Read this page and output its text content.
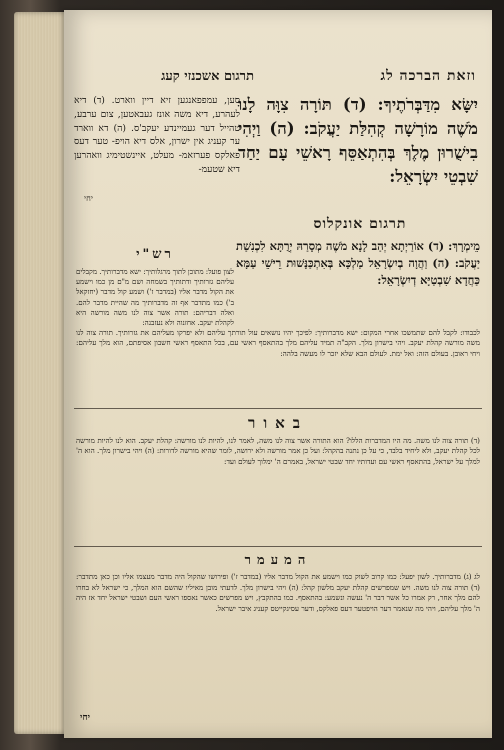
וזאת הברכה לג
תרגום אשכנזי קעג
יִשָּׂא מִדַּבְּרֹתֶיךָ: (ד) תּוֹרָה צִוָּה לָנוּ מֹשֶׁה מוֹרָשָׁה קְהִלַּת יַעֲקֹב: (ה) וַיְהִי בִישֻׁרוּן מֶלֶךְ בְּהִתְאַסֵּף רָאשֵׁי עָם יַחַד שִׁבְטֵי יִשְׂרָאֵל:
יחי
סען, עמפפאנגען זיא דיין ווארט. (ד) דיא לעהרע, דיא משה אונז געבאטען, צום ערבע, טהייל דער געמיינדע יעקב'ס. (ה) דא ווארד ער קעניג אין ישרון, אלס דיא הויפ- טער דעס פאלקס פערזאמ- מעלט, איינשטימיג וואהרען דיא שטעמ-
תרגום אונקלוס
מֵימְרָךְ: (ד) אוֹרַיְתָא יְהַב לָנָא מֹשֶׁה מְסָרַהּ יְרֻתָּא לִכְנִשַׁת יַעֲקֹב: (ה) וַהֲוָה בְיִשְׂרָאֵל מַלְכָּא בְּאִתְכַּנָּשׁוּת רֵישֵׁי עַמָּא כַּחֲדָא שִׁבְטַיָּא דְיִשְׂרָאֵל:
רש"י
לצון פועל: מתוכן לתוך מרגלותיך: ישא מדברותיך. מקבלים עליהם גזרותיך ודתותיך בשמחה ושם מ"ם מן כמו וישמע את הקול מדבר אליו (במדבר ז') ושמע קול מדבר (יחזקאל ב') כמו מתדבר אף זה מדברותיך מה שהיית מדבר להם. ואלה דבריהם: תורה אשר צוה לנו משה מורשה היא לקהלת יעקב. אחזנוה ולא נעזבנה:
לכבודו: לקבל להם שתמשכו אחרי המקום: ישא מדברותיך: לפיכך יהיו נושאים עול תורתך עליהם ולא יפרקו מעליהם את גזרותיך. תורה צוה לנו משה מורשה קהלת יעקב. ויהי בישרון מלך. הקב"ה תמיד עליהם מלך בהתאסף ראשי עם, בכל התאסף ראשי חשבון אסיפתם, הוא מלך עליהם: ויחי ראובן. בעולם הזה: ואל ימת. לעולם הבא שלא יזכר לו מעשה בלהה:
באור
(ד) תורה צוה לנו משה. מה היו המדברות הללו? הוא התורה אשר צוה לנו משה, לאמר לנו, להיות לנו מורשה: קהלת יעקב. הוא לנו להיות מורשה לכל קהלת יעקב, ולא ליחיד בלבד, כי על כן נתנה בהקהל: ועל כן אמר מורשה ולא ירושה, לומר שהיא מורשה לדורות: (ה) ויהי בישרון מלך. הוא ה' למלך על ישראל, בהתאסף ראשי עם ועדותיו יחד שבטי ישראל, באמרם ה' ימלוך לעולם ועד:
המעמר
לג (ג) מדברותיך. לשון יפעל: כמו קרוב לשוק כמו וישמע את הקול מדבר אליו (במדבר ז') ופירושו שהקול היה מדבר מעצמו אליו וכן כאן מתדבר: (ד) תורה צוה לנו משה. ויש שמפרשים קהלת יעקב מלשון קהל: (ה) ויהי בישרון מלך. לדעתי מובן מאיליו שהשם הוא המלך, כי ישראל לא בחרו להם מלך אחר, רק אמרו כל אשר דבר ה' נעשה ונשמע: בהתאסף. כמו בהתקבץ, ויש מפרשים כאשר נאספו ראשי העם ושבטי ישראל יחד אז היה ה' מלך עליהם, ויהי מה שנאמר דער הויפטער דעס פאלקס, ודער עסיגקייטס קעניג איבר ישראל.
יחי
